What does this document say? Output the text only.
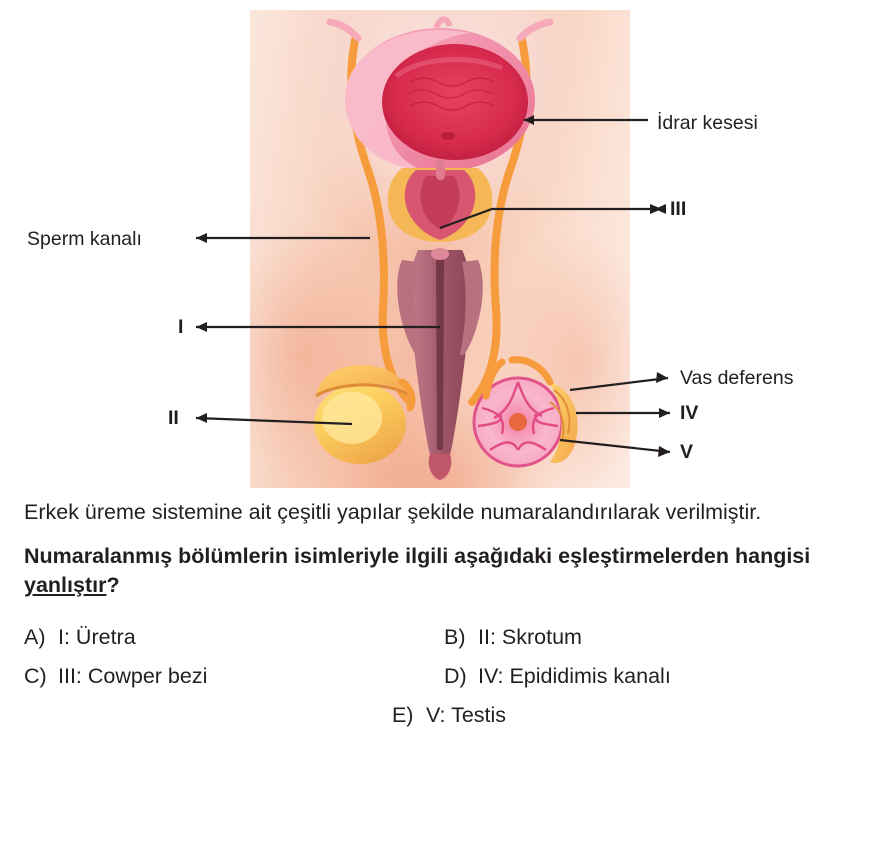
İdrar kesesi
III
Sperm kanalı
I
Vas deferens
II	IV
V

Erkek üreme sistemine ait çeşitli yapılar şekilde numaralandırılarak verilmiştir.

Numaralanmış bölümlerin isimleriyle ilgili aşağıdaki eşleştirmelerden hangisi yanlıştır?

A) I: Üretra	B) II: Skrotum
C) III: Cowper bezi	D) IV: Epididimis kanalı
E) V: Testis
